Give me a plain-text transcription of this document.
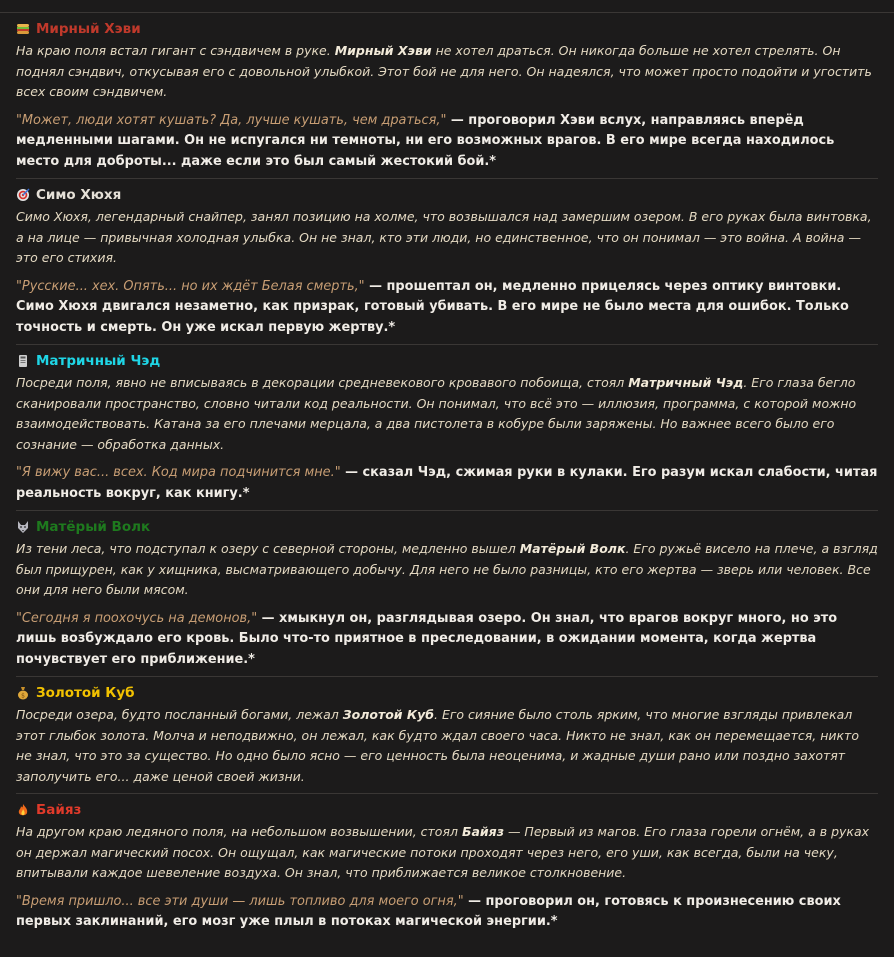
Мирный Хэви

На краю поля встал гигант с сэндвичем в руке. Мирный Хэви не хотел драться. Он никогда больше не хотел стрелять. Он поднял сэндвич, откусывая его с довольной улыбкой. Этот бой не для него. Он надеялся, что может просто подойти и угостить всех своим сэндвичем.

"Может, люди хотят кушать? Да, лучше кушать, чем драться," — проговорил Хэви вслух, направляясь вперёд медленными шагами. Он не испугался ни темноты, ни его возможных врагов. В его мире всегда находилось место для доброты... даже если это был самый жестокий бой.*

Симо Хюхя

Симо Хюхя, легендарный снайпер, занял позицию на холме, что возвышался над замершим озером. В его руках была винтовка, а на лице — привычная холодная улыбка. Он не знал, кто эти люди, но единственное, что он понимал — это война. А война — это его стихия.

"Русские... хех. Опять... но их ждёт Белая смерть," — прошептал он, медленно прицелясь через оптику винтовки. Симо Хюхя двигался незаметно, как призрак, готовый убивать. В его мире не было места для ошибок. Только точность и смерть. Он уже искал первую жертву.*

Матричный Чэд

Посреди поля, явно не вписываясь в декорации средневекового кровавого побоища, стоял Матричный Чэд. Его глаза бегло сканировали пространство, словно читали код реальности. Он понимал, что всё это — иллюзия, программа, с которой можно взаимодействовать. Катана за его плечами мерцала, а два пистолета в кобуре были заряжены. Но важнее всего было его сознание — обработка данных.

"Я вижу вас... всех. Код мира подчинится мне." — сказал Чэд, сжимая руки в кулаки. Его разум искал слабости, читая реальность вокруг, как книгу.*

Матёрый Волк

Из тени леса, что подступал к озеру с северной стороны, медленно вышел Матёрый Волк. Его ружьё висело на плече, а взгляд был прищурен, как у хищника, высматривающего добычу. Для него не было разницы, кто его жертва — зверь или человек. Все они для него были мясом.

"Сегодня я поохочусь на демонов," — хмыкнул он, разглядывая озеро. Он знал, что врагов вокруг много, но это лишь возбуждало его кровь. Было что-то приятное в преследовании, в ожидании момента, когда жертва почувствует его приближение.*

$ Золотой Куб

Посреди озера, будто посланный богами, лежал Золотой Куб. Его сияние было столь ярким, что многие взгляды привлекал этот глыбок золота. Молча и неподвижно, он лежал, как будто ждал своего часа. Никто не знал, как он перемещается, никто не знал, что это за существо. Но одно было ясно — его ценность была неоценима, и жадные души рано или поздно захотят заполучить его... даже ценой своей жизни.

Байяз

На другом краю ледяного поля, на небольшом возвышении, стоял Байяз — Первый из магов. Его глаза горели огнём, а в руках он держал магический посох. Он ощущал, как магические потоки проходят через него, его уши, как всегда, были на чеку, впитывали каждое шевеление воздуха. Он знал, что приближается великое столкновение.

"Время пришло... все эти души — лишь топливо для моего огня," — проговорил он, готовясь к произнесению своих первых заклинаний, его мозг уже плыл в потоках магической энергии.*
